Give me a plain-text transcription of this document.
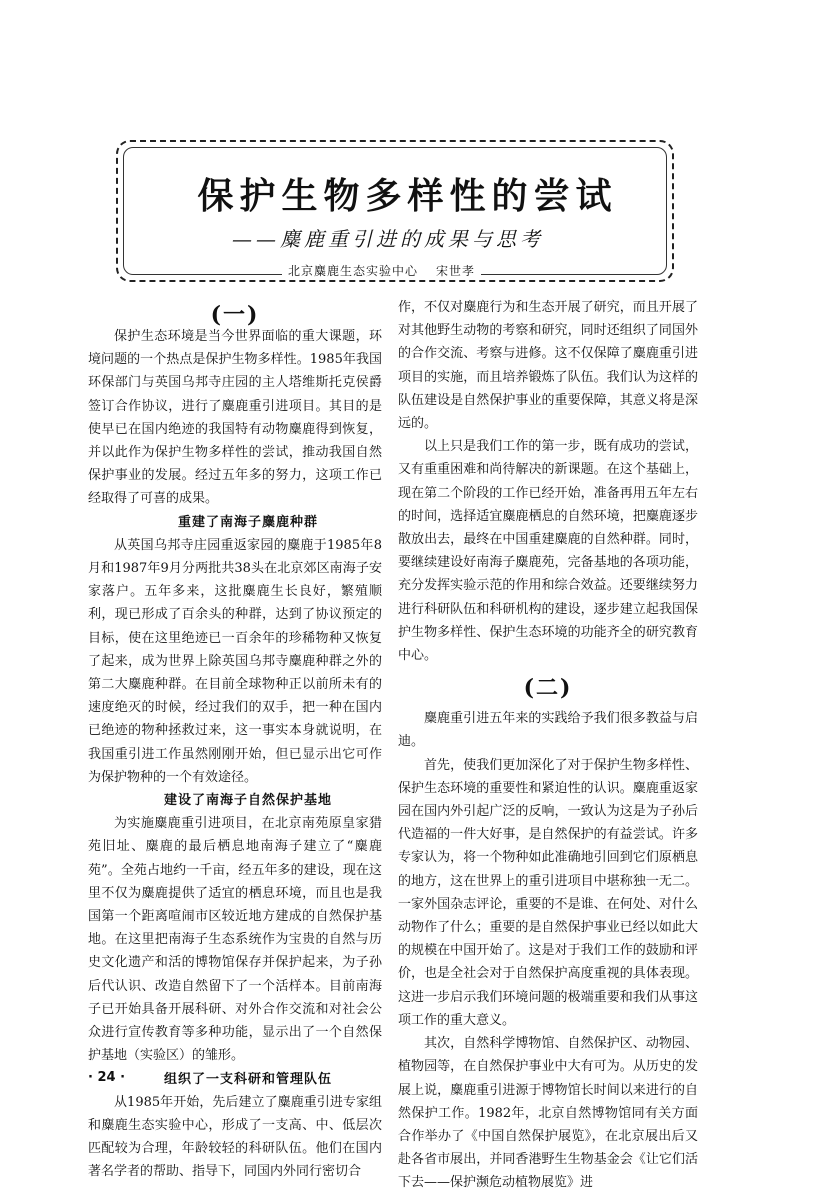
保护生物多样性的尝试
——麋鹿重引进的成果与思考
北京麋鹿生态实验中心 宋世孝
(一)

保护生态环境是当今世界面临的重大课题，环境问题的一个热点是保护生物多样性。1985年我国环保部门与英国乌邦寺庄园的主人塔维斯托克侯爵签订合作协议，进行了麋鹿重引进项目。其目的是使早已在国内绝迹的我国特有动物麋鹿得到恢复，并以此作为保护生物多样性的尝试，推动我国自然保护事业的发展。经过五年多的努力，这项工作已经取得了可喜的成果。

重建了南海子麋鹿种群

从英国乌邦寺庄园重返家园的麋鹿于1985年8月和1987年9月分两批共38头在北京郊区南海子安家落户。五年多来，这批麋鹿生长良好，繁殖顺利，现已形成了百余头的种群，达到了协议预定的目标，使在这里绝迹已一百余年的珍稀物种又恢复了起来，成为世界上除英国乌邦寺麋鹿种群之外的第二大麋鹿种群。在目前全球物种正以前所未有的速度绝灭的时候，经过我们的双手，把一种在国内已绝迹的物种拯救过来，这一事实本身就说明，在我国重引进工作虽然刚刚开始，但已显示出它可作为保护物种的一个有效途径。

建设了南海子自然保护基地

为实施麋鹿重引进项目，在北京南苑原皇家猎苑旧址、麋鹿的最后栖息地南海子建立了“麋鹿苑”。全苑占地约一千亩，经五年多的建设，现在这里不仅为麋鹿提供了适宜的栖息环境，而且也是我国第一个距离喧闹市区较近地方建成的自然保护基地。在这里把南海子生态系统作为宝贵的自然与历史文化遗产和活的博物馆保存并保护起来，为子孙后代认识、改造自然留下了一个活样本。目前南海子已开始具备开展科研、对外合作交流和对社会公众进行宣传教育等多种功能，显示出了一个自然保护基地（实验区）的雏形。

组织了一支科研和管理队伍

从1985年开始，先后建立了麋鹿重引进专家组和麋鹿生态实验中心，形成了一支高、中、低层次匹配较为合理，年龄较轻的科研队伍。他们在国内著名学者的帮助、指导下，同国内外同行密切合

作，不仅对麋鹿行为和生态开展了研究，而且开展了对其他野生动物的考察和研究，同时还组织了同国外的合作交流、考察与进修。这不仅保障了麋鹿重引进项目的实施，而且培养锻炼了队伍。我们认为这样的队伍建设是自然保护事业的重要保障，其意义将是深远的。

以上只是我们工作的第一步，既有成功的尝试，又有重重困难和尚待解决的新课题。在这个基础上，现在第二个阶段的工作已经开始，准备再用五年左右的时间，选择适宜麋鹿栖息的自然环境，把麋鹿逐步散放出去，最终在中国重建麋鹿的自然种群。同时，要继续建设好南海子麋鹿苑，完备基地的各项功能，充分发挥实验示范的作用和综合效益。还要继续努力进行科研队伍和科研机构的建设，逐步建立起我国保护生物多样性、保护生态环境的功能齐全的研究教育中心。

(二)

麋鹿重引进五年来的实践给予我们很多教益与启迪。

首先，使我们更加深化了对于保护生物多样性、保护生态环境的重要性和紧迫性的认识。麋鹿重返家园在国内外引起广泛的反响，一致认为这是为子孙后代造福的一件大好事，是自然保护的有益尝试。许多专家认为，将一个物种如此准确地引回到它们原栖息的地方，这在世界上的重引进项目中堪称独一无二。一家外国杂志评论，重要的不是谁、在何处、对什么动物作了什么；重要的是自然保护事业已经以如此大的规模在中国开始了。这是对于我们工作的鼓励和评价，也是全社会对于自然保护高度重视的具体表现。这进一步启示我们环境问题的极端重要和我们从事这项工作的重大意义。

其次，自然科学博物馆、自然保护区、动物园、植物园等，在自然保护事业中大有可为。从历史的发展上说，麋鹿重引进源于博物馆长时间以来进行的自然保护工作。1982年，北京自然博物馆同有关方面合作举办了《中国自然保护展览》，在北京展出后又赴各省市展出，并同香港野生生物基金会《让它们活下去——保护濒危动植物展览》进

· 24 ·
